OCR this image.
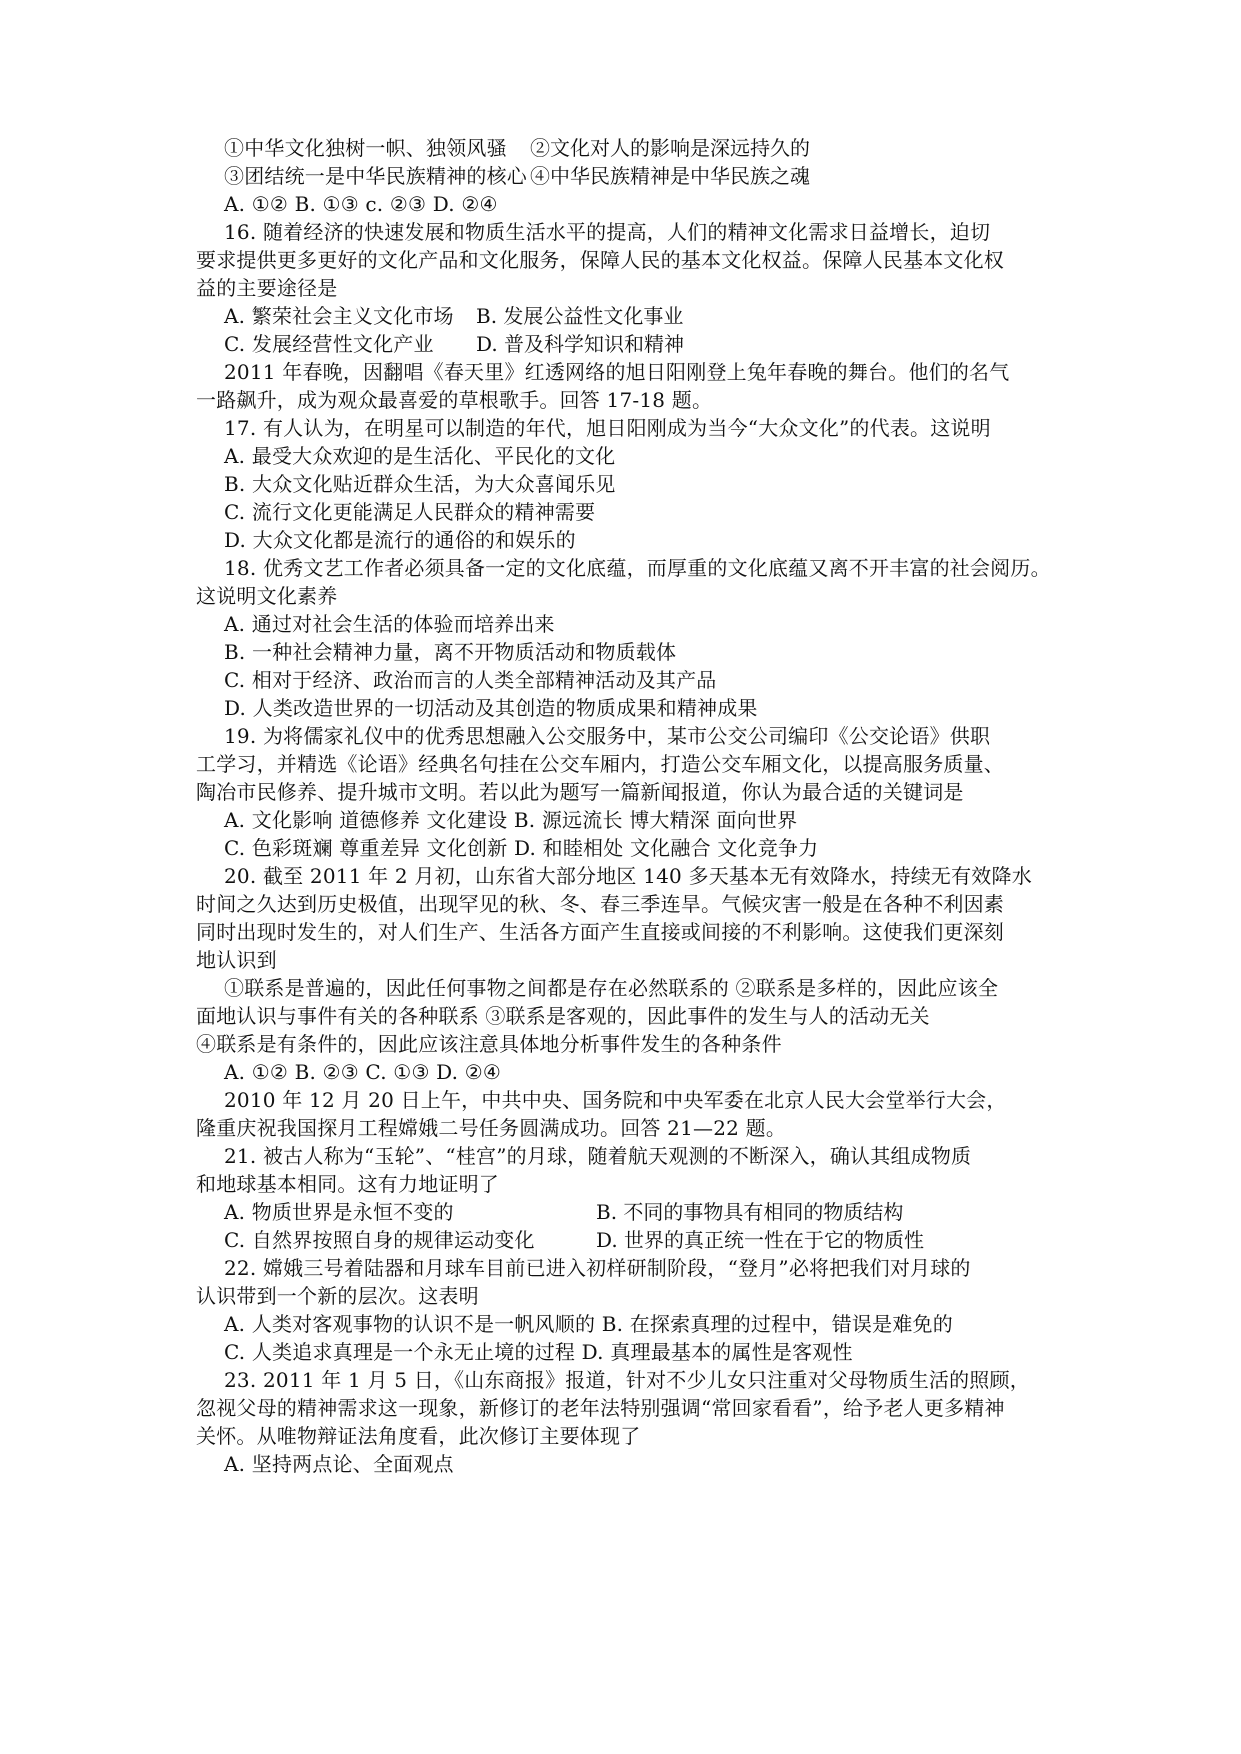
①中华文化独树一帜、独领风骚 ②文化对人的影响是深远持久的
③团结统一是中华民族精神的核心 ④中华民族精神是中华民族之魂
A. ①② B. ①③ c. ②③ D. ②④
16. 随着经济的快速发展和物质生活水平的提高，人们的精神文化需求日益增长，迫切
要求提供更多更好的文化产品和文化服务，保障人民的基本文化权益。保障人民基本文化权
益的主要途径是
A. 繁荣社会主义文化市场 B. 发展公益性文化事业
C. 发展经营性文化产业 D. 普及科学知识和精神
2011 年春晚，因翻唱《春天里》红透网络的旭日阳刚登上兔年春晚的舞台。他们的名气
一路飙升，成为观众最喜爱的草根歌手。回答 17-18 题。
17. 有人认为，在明星可以制造的年代，旭日阳刚成为当今“大众文化”的代表。这说明
A. 最受大众欢迎的是生活化、平民化的文化
B. 大众文化贴近群众生活，为大众喜闻乐见
C. 流行文化更能满足人民群众的精神需要
D. 大众文化都是流行的通俗的和娱乐的
18. 优秀文艺工作者必须具备一定的文化底蕴，而厚重的文化底蕴又离不开丰富的社会阅历。
这说明文化素养
A. 通过对社会生活的体验而培养出来
B. 一种社会精神力量，离不开物质活动和物质载体
C. 相对于经济、政治而言的人类全部精神活动及其产品
D. 人类改造世界的一切活动及其创造的物质成果和精神成果
19. 为将儒家礼仪中的优秀思想融入公交服务中，某市公交公司编印《公交论语》供职
工学习，并精选《论语》经典名句挂在公交车厢内，打造公交车厢文化，以提高服务质量、
陶冶市民修养、提升城市文明。若以此为题写一篇新闻报道，你认为最合适的关键词是
A. 文化影响 道德修养 文化建设 B. 源远流长 博大精深 面向世界
C. 色彩斑斓 尊重差异 文化创新 D. 和睦相处 文化融合 文化竞争力
20. 截至 2011 年 2 月初，山东省大部分地区 140 多天基本无有效降水，持续无有效降水
时间之久达到历史极值，出现罕见的秋、冬、春三季连旱。气候灾害一般是在各种不利因素
同时出现时发生的，对人们生产、生活各方面产生直接或间接的不利影响。这使我们更深刻
地认识到
①联系是普遍的，因此任何事物之间都是存在必然联系的 ②联系是多样的，因此应该全
面地认识与事件有关的各种联系 ③联系是客观的，因此事件的发生与人的活动无关
④联系是有条件的，因此应该注意具体地分析事件发生的各种条件
A. ①② B. ②③ C. ①③ D. ②④
2010 年 12 月 20 日上午，中共中央、国务院和中央军委在北京人民大会堂举行大会，
隆重庆祝我国探月工程嫦娥二号任务圆满成功。回答 21—22 题。
21. 被古人称为“玉轮”、“桂宫”的月球，随着航天观测的不断深入，确认其组成物质
和地球基本相同。这有力地证明了
A. 物质世界是永恒不变的	B. 不同的事物具有相同的物质结构
C. 自然界按照自身的规律运动变化	D. 世界的真正统一性在于它的物质性
22. 嫦娥三号着陆器和月球车目前已进入初样研制阶段，“登月”必将把我们对月球的
认识带到一个新的层次。这表明
A. 人类对客观事物的认识不是一帆风顺的 B. 在探索真理的过程中，错误是难免的
C. 人类追求真理是一个永无止境的过程 D. 真理最基本的属性是客观性
23. 2011 年 1 月 5 日，《山东商报》报道，针对不少儿女只注重对父母物质生活的照顾，
忽视父母的精神需求这一现象，新修订的老年法特别强调“常回家看看”，给予老人更多精神
关怀。从唯物辩证法角度看，此次修订主要体现了
A. 坚持两点论、全面观点
